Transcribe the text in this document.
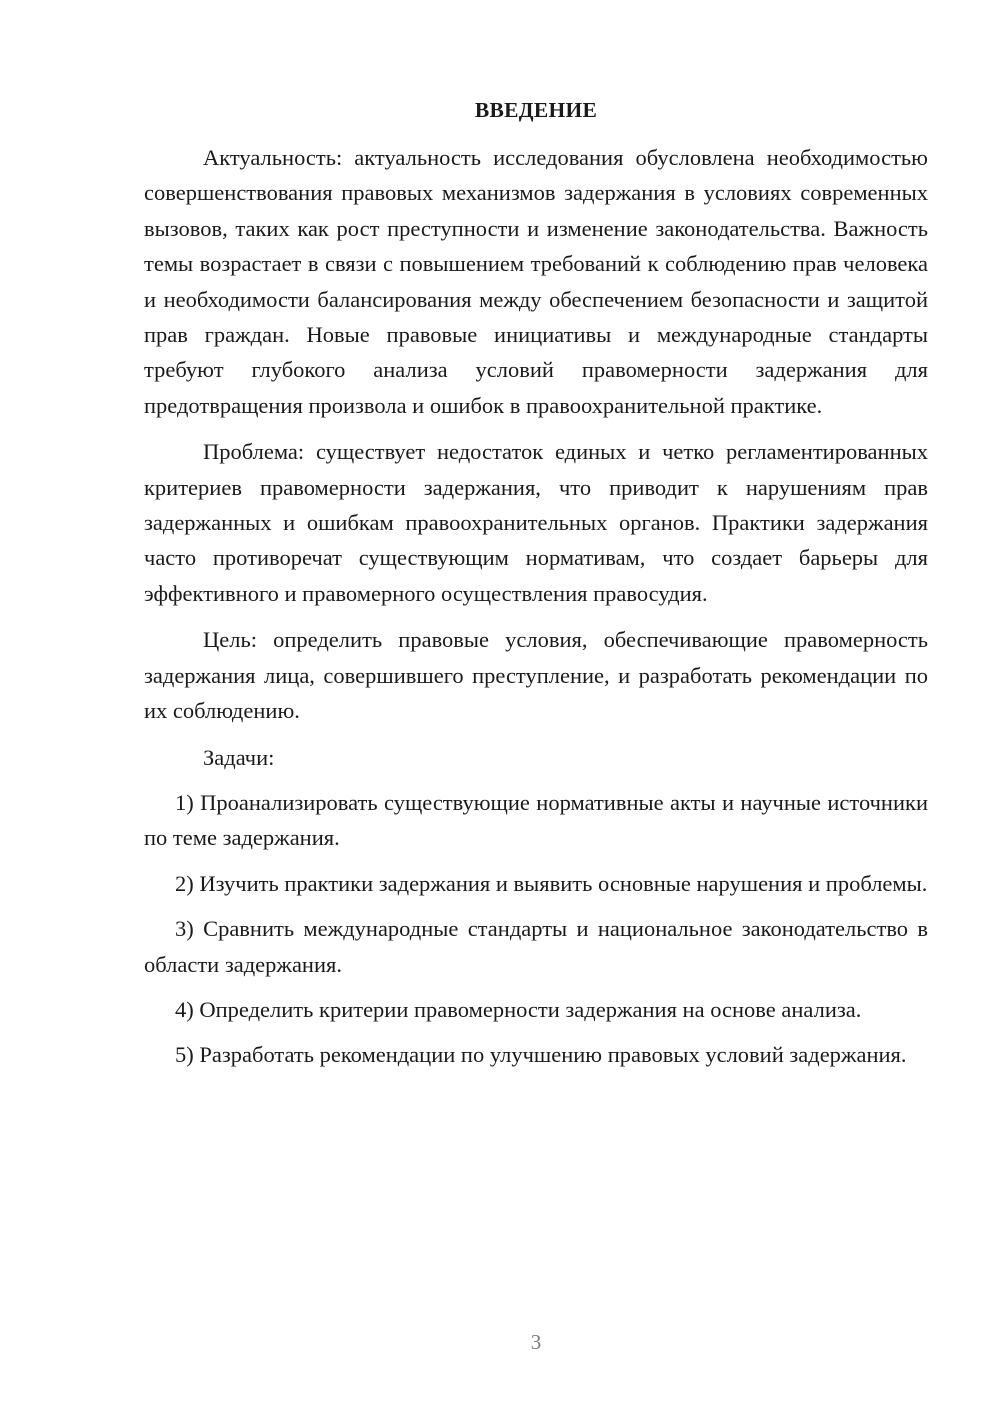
ВВЕДЕНИЕ

Актуальность: актуальность исследования обусловлена необходимостью совершенствования правовых механизмов задержания в условиях современных вызовов, таких как рост преступности и изменение законодательства. Важность темы возрастает в связи с повышением требований к соблюдению прав человека и необходимости балансирования между обеспечением безопасности и защитой прав граждан. Новые правовые инициативы и международные стандарты требуют глубокого анализа условий правомерности задержания для предотвращения произвола и ошибок в правоохранительной практике.

Проблема: существует недостаток единых и четко регламентированных критериев правомерности задержания, что приводит к нарушениям прав задержанных и ошибкам правоохранительных органов. Практики задержания часто противоречат существующим нормативам, что создает барьеры для эффективного и правомерного осуществления правосудия.

Цель: определить правовые условия, обеспечивающие правомерность задержания лица, совершившего преступление, и разработать рекомендации по их соблюдению.

Задачи:

1) Проанализировать существующие нормативные акты и научные источники по теме задержания.

2) Изучить практики задержания и выявить основные нарушения и проблемы.

3) Сравнить международные стандарты и национальное законодательство в области задержания.

4) Определить критерии правомерности задержания на основе анализа.

5) Разработать рекомендации по улучшению правовых условий задержания.

3
